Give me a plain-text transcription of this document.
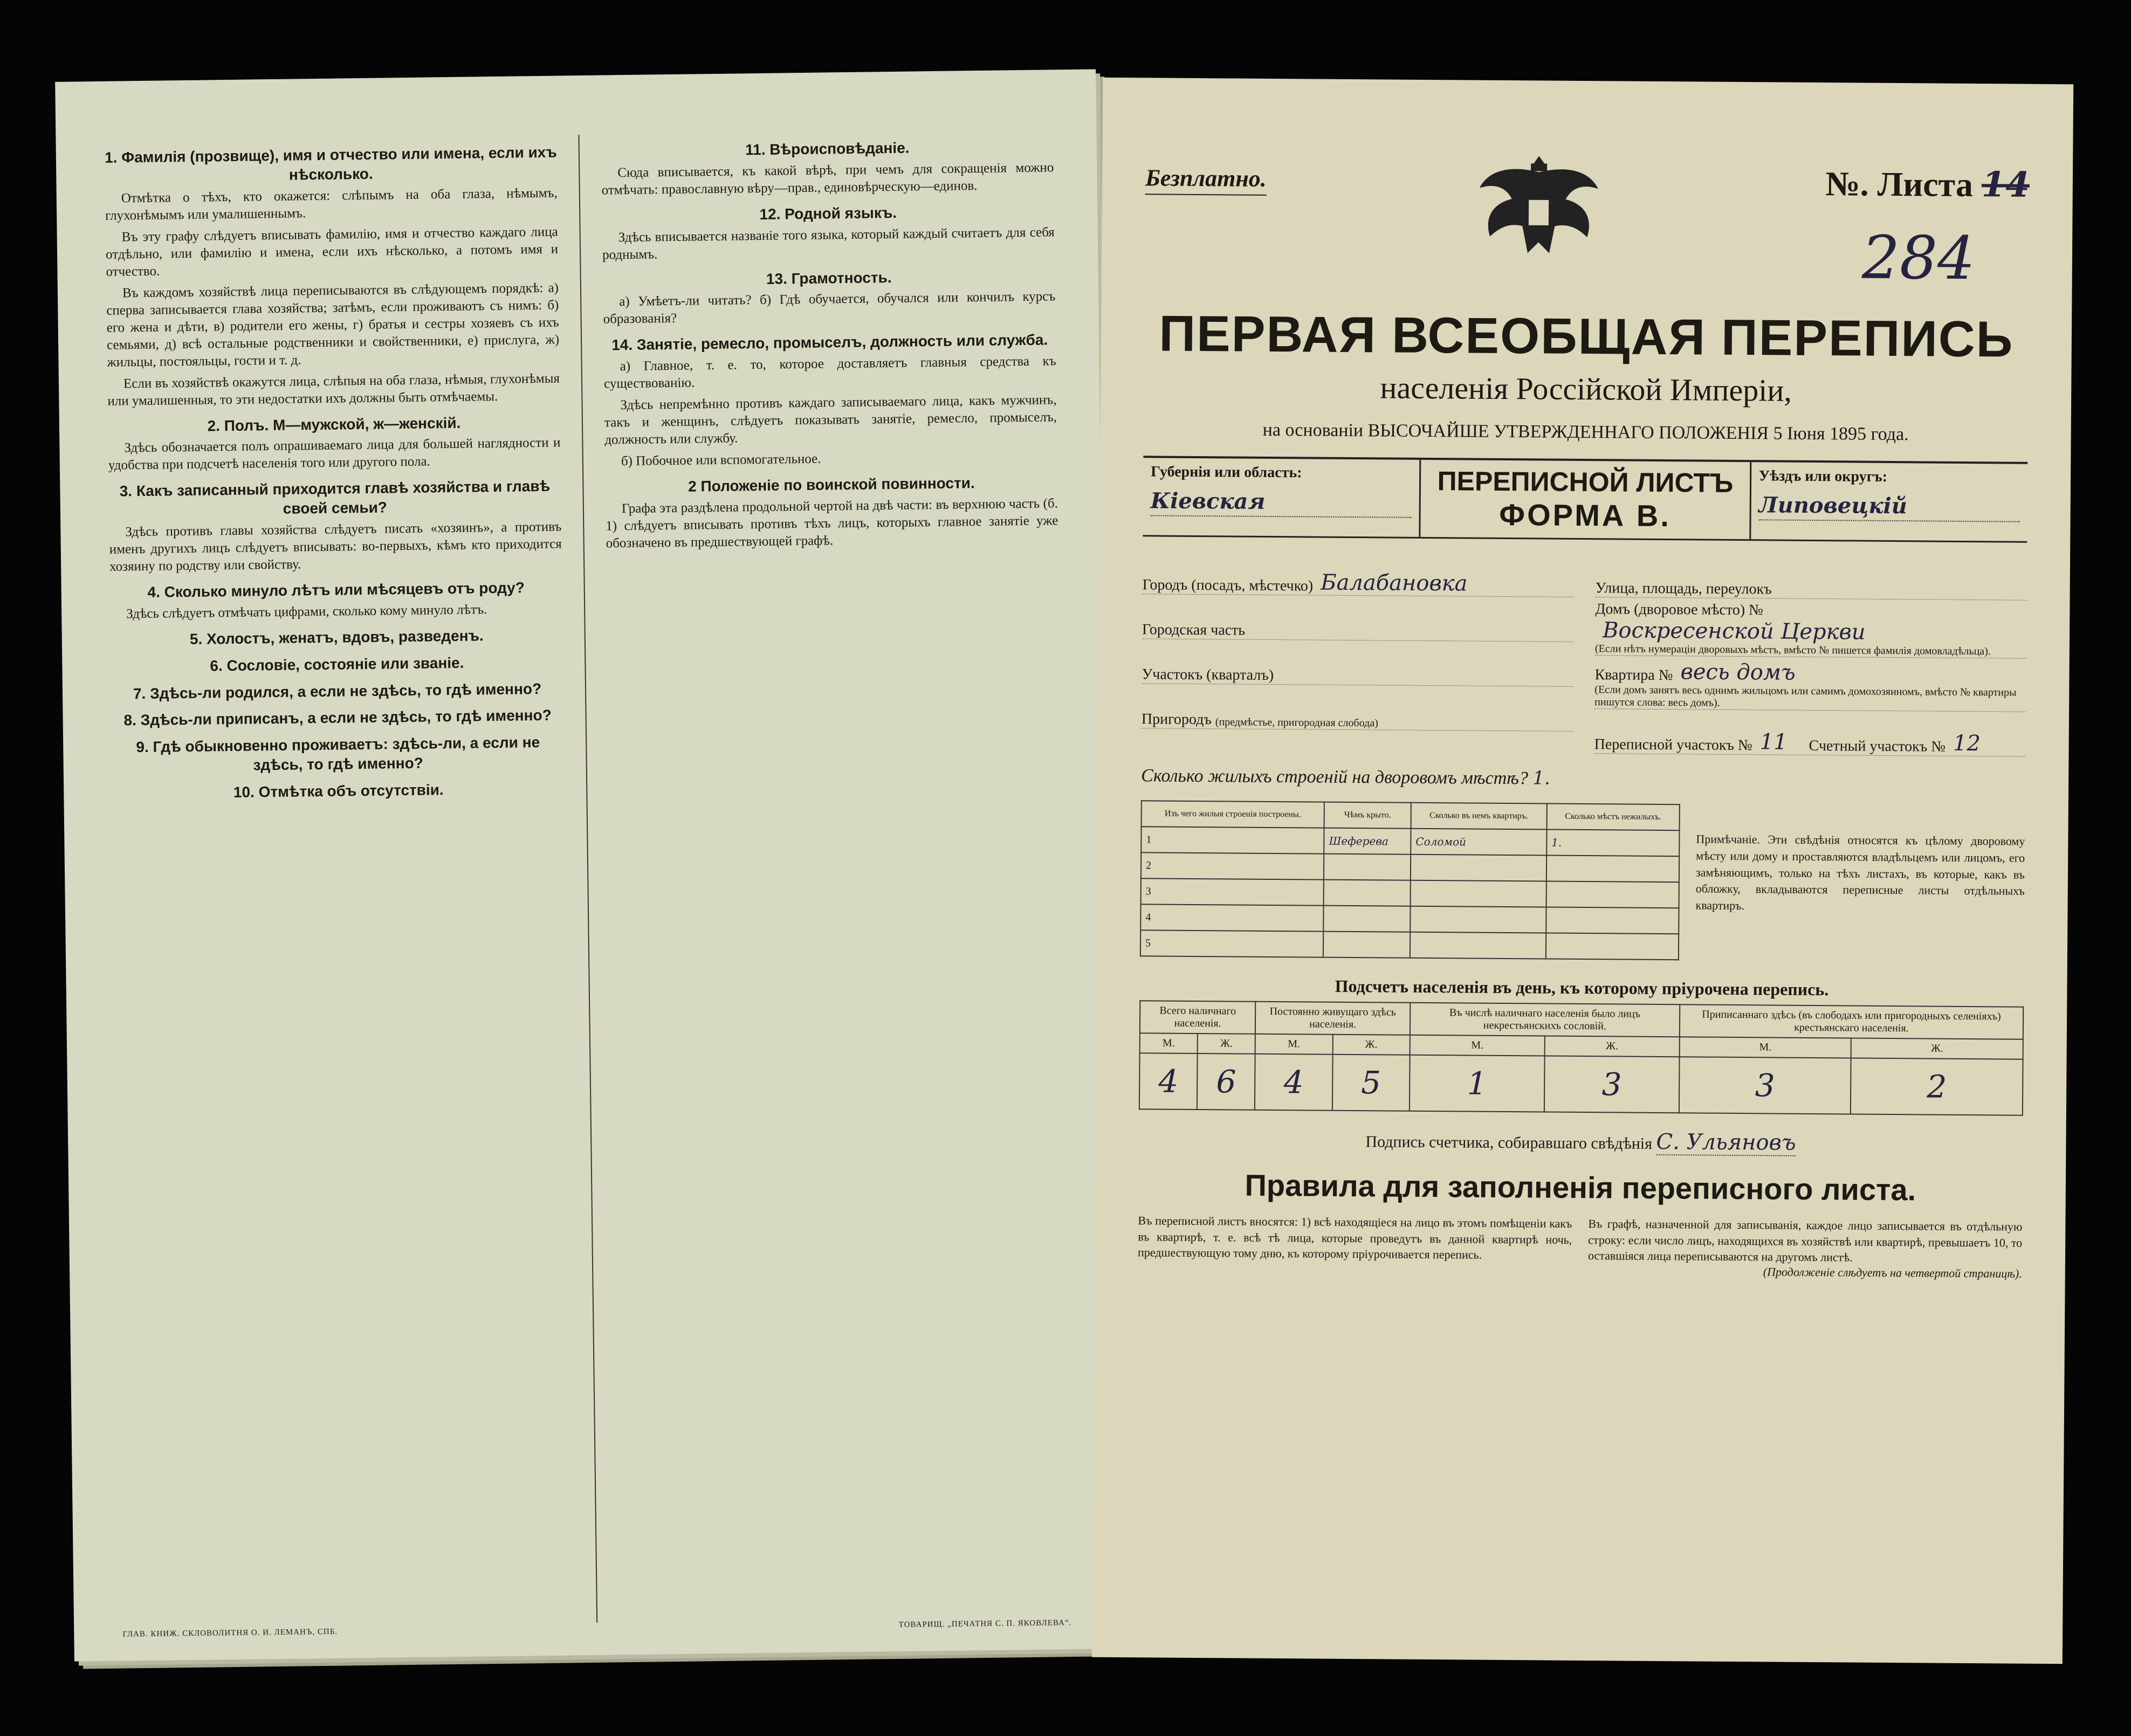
1. Фамилія (прозвище), имя и отчество или имена, если ихъ нѣсколько.

Отмѣтка о тѣхъ, кто окажется: слѣпымъ на оба глаза, нѣмымъ, глухонѣмымъ или умалишеннымъ.

Въ эту графу слѣдуетъ вписывать фамилію, имя и отчество каждаго лица отдѣльно, или фамилію и имена, если ихъ нѣсколько, а потомъ имя и отчество.

Въ каждомъ хозяйствѣ лица переписываются въ слѣдующемъ порядкѣ: а) сперва записывается глава хозяйства; затѣмъ, если проживаютъ съ нимъ: б) его жена и дѣти, в) родители его жены, г) братья и сестры хозяевъ съ ихъ семьями, д) всѣ остальные родственники и свойственники, е) прислуга, ж) жильцы, постояльцы, гости и т. д.

Если въ хозяйствѣ окажутся лица, слѣпыя на оба глаза, нѣмыя, глухонѣмыя или умалишенныя, то эти недостатки ихъ должны быть отмѣчаемы.

2. Полъ. М—мужской, ж—женскій.

Здѣсь обозначается полъ опрашиваемаго лица для большей наглядности и удобства при подсчетѣ населенія того или другого пола.

3. Какъ записанный приходится главѣ хозяйства и главѣ своей семьи?

Здѣсь противъ главы хозяйства слѣдуетъ писать «хозяинъ», а противъ именъ другихъ лицъ слѣдуетъ вписывать: во-первыхъ, кѣмъ кто приходится хозяину по родству или свойству.

4. Сколько минуло лѣтъ или мѣсяцевъ отъ роду?

Здѣсь слѣдуетъ отмѣчать цифрами, сколько кому минуло лѣтъ.

5. Холостъ, женатъ, вдовъ, разведенъ.
6. Сословіе, состояніе или званіе.
7. Здѣсь-ли родился, а если не здѣсь, то гдѣ именно?
8. Здѣсь-ли приписанъ, а если не здѣсь, то гдѣ именно?
9. Гдѣ обыкновенно проживаетъ: здѣсь-ли, а если не здѣсь, то гдѣ именно?
10. Отмѣтка объ отсутствіи.
11. Вѣроисповѣданіе.

Сюда вписывается, къ какой вѣрѣ, при чемъ для сокращенія можно отмѣчать: православную вѣру—прав., единовѣрческую—единов.

12. Родной языкъ.

Здѣсь вписывается названіе того языка, который каждый считаетъ для себя роднымъ.

13. Грамотность.

а) Умѣетъ-ли читать? б) Гдѣ обучается, обучался или кончилъ курсъ образованія?

14. Занятіе, ремесло, промыселъ, должность или служба.

а) Главное, т. е. то, которое доставляетъ главныя средства къ существованію.

Здѣсь непремѣнно противъ каждаго записываемаго лица, какъ мужчинъ, такъ и женщинъ, слѣдуетъ показывать занятіе, ремесло, промыселъ, должность или службу.

б) Побочное или вспомогательное.

2 Положеніе по воинской повинности.

Графа эта раздѣлена продольной чертой на двѣ части: въ верхнюю часть (б. 1) слѣдуетъ вписывать противъ тѣхъ лицъ, которыхъ главное занятіе уже обозначено въ предшествующей графѣ.

ГЛАВ. КНИЖ. СКЛОВОЛИТНЯ О. И. ЛЕМАНЪ, СПБ.
ТОВАРИЩ. „ПЕЧАТНЯ С. П. ЯКОВЛЕВА“.
Безплатно.	№. Листа 14
284
ПЕРВАЯ ВСЕОБЩАЯ ПЕРЕПИСЬ

населенія Россійской Имперіи,

на основаніи ВЫСОЧАЙШЕ УТВЕРЖДЕННАГО ПОЛОЖЕНІЯ 5 Іюня 1895 года.

Губернія или область:
Кіевская
ПЕРЕПИСНОЙ ЛИСТЪ
ФОРМА В.
Уѣздъ или округъ:
Липовецкій
Городъ (посадъ, мѣстечко) Балабановка
Городская часть
Участокъ (кварталъ)
Пригородъ
(предмѣстье, пригородная слобода)
Улица, площадь, переулокъ
Домъ (дворовое мѣсто) №
Воскресенской Церкви
(Если нѣтъ нумераціи дворовыхъ мѣстъ, вмѣсто № пишется фамилія домовладѣльца).
Квартира № весь домъ
(Если домъ занятъ весь однимъ жильцомъ или самимъ домохозяиномъ, вмѣсто № квартиры пишутся слова: весь домъ).
Переписной участокъ № 11 Счетный участокъ № 12
Сколько жилыхъ строеній на дворовомъ мѣстѣ? 1.
Изъ чего жилыя строенія построены.	Чѣмъ крыто.	Сколько въ немъ квартиръ.	Сколько мѣстъ нежилыхъ.
1	Шеферева	Соломой	1.
2			
3			
4			
5			
Примѣчаніе. Эти свѣдѣнія относятся къ цѣлому дворовому мѣсту или дому и проставляются владѣльцемъ или лицомъ, его замѣняющимъ, только на тѣхъ листахъ, въ которые, какъ въ обложку, вкладываются переписные листы отдѣльныхъ квартиръ.
Подсчетъ населенія въ день, къ которому пріурочена перепись.
Всего наличнаго населенія.		Постоянно живущаго здѣсь населенія.		Въ числѣ наличнаго населенія было лицъ некрестьянскихъ сословій.		Приписаннаго здѣсь (въ слободахъ или пригородныхъ селеніяхъ) крестьянскаго населенія.	
М.	Ж.	М.	Ж.	М.	Ж.	М.	Ж.
4	6	4	5	1	3	3	2
Подпись счетчика, собиравшаго свѣдѣнія С. Ульяновъ
Правила для заполненія переписного листа.
Въ переписной листъ вносятся: 1) всѣ находящіеся на лицо въ этомъ помѣщеніи какъ въ квартирѣ, т. е. всѣ тѣ лица, которые проведутъ въ данной квартирѣ ночь, предшествующую тому дню, къ которому пріурочивается перепись.
Въ графѣ, назначенной для записыванія, каждое лицо записывается въ отдѣльную строку: если число лицъ, находящихся въ хозяйствѣ или квартирѣ, превышаетъ 10, то оставшіяся лица переписываются на другомъ листѣ.
(Продолженіе слѣдуетъ на четвертой страницѣ).
